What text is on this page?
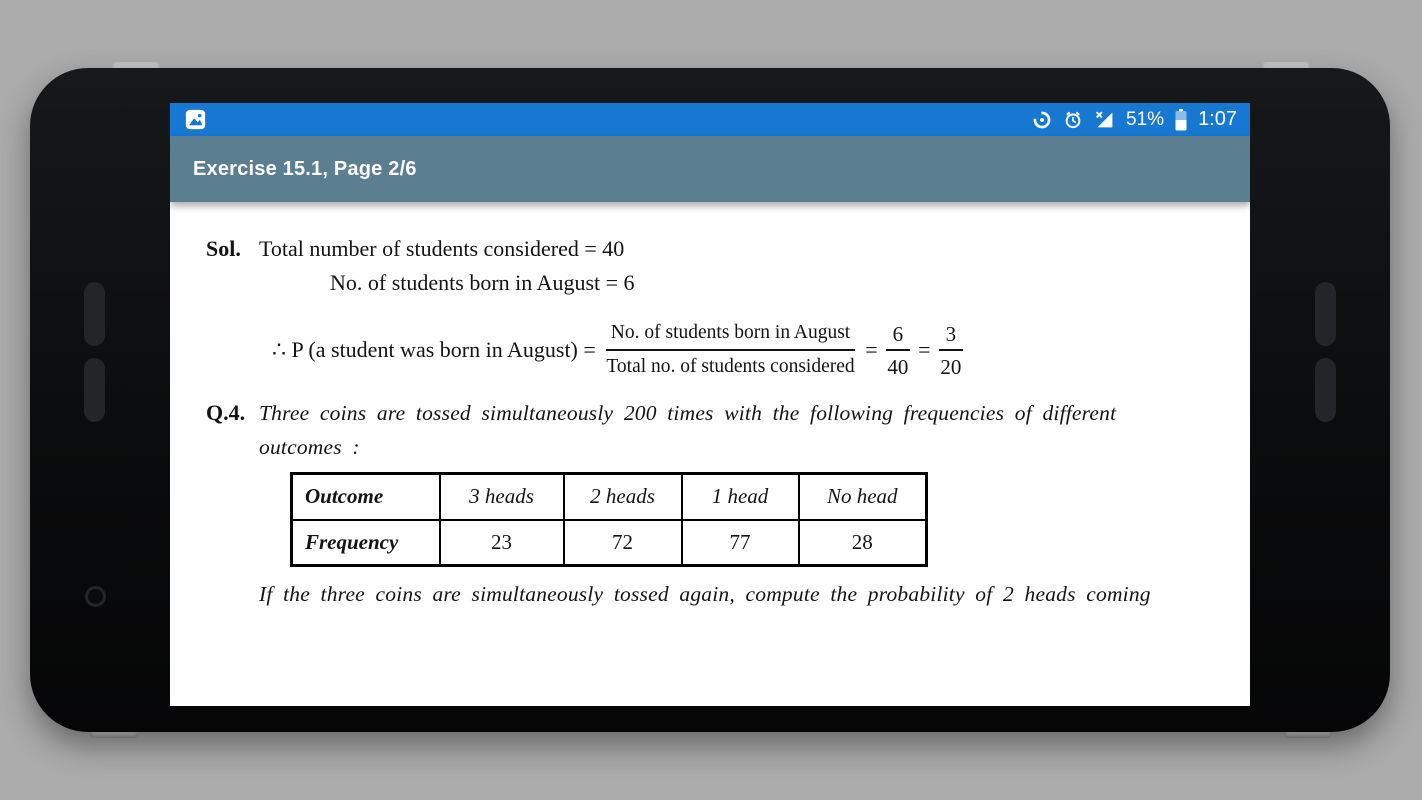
51% 1:07
Exercise 15.1, Page 2/6
Sol. Total number of students considered = 40
No. of students born in August = 6
∴ P (a student was born in August) = $\frac{\text{No. of students born in August}}{\text{Total no. of students considered}} = \frac{6}{40} = \frac{3}{20}$
Q.4. Three coins are tossed simultaneously 200 times with the following frequencies of different
outcomes :
Outcome	3 heads	2 heads	1 head	No head
Frequency	23	72	77	28
If the three coins are simultaneously tossed again, compute the probability of 2 heads coming
